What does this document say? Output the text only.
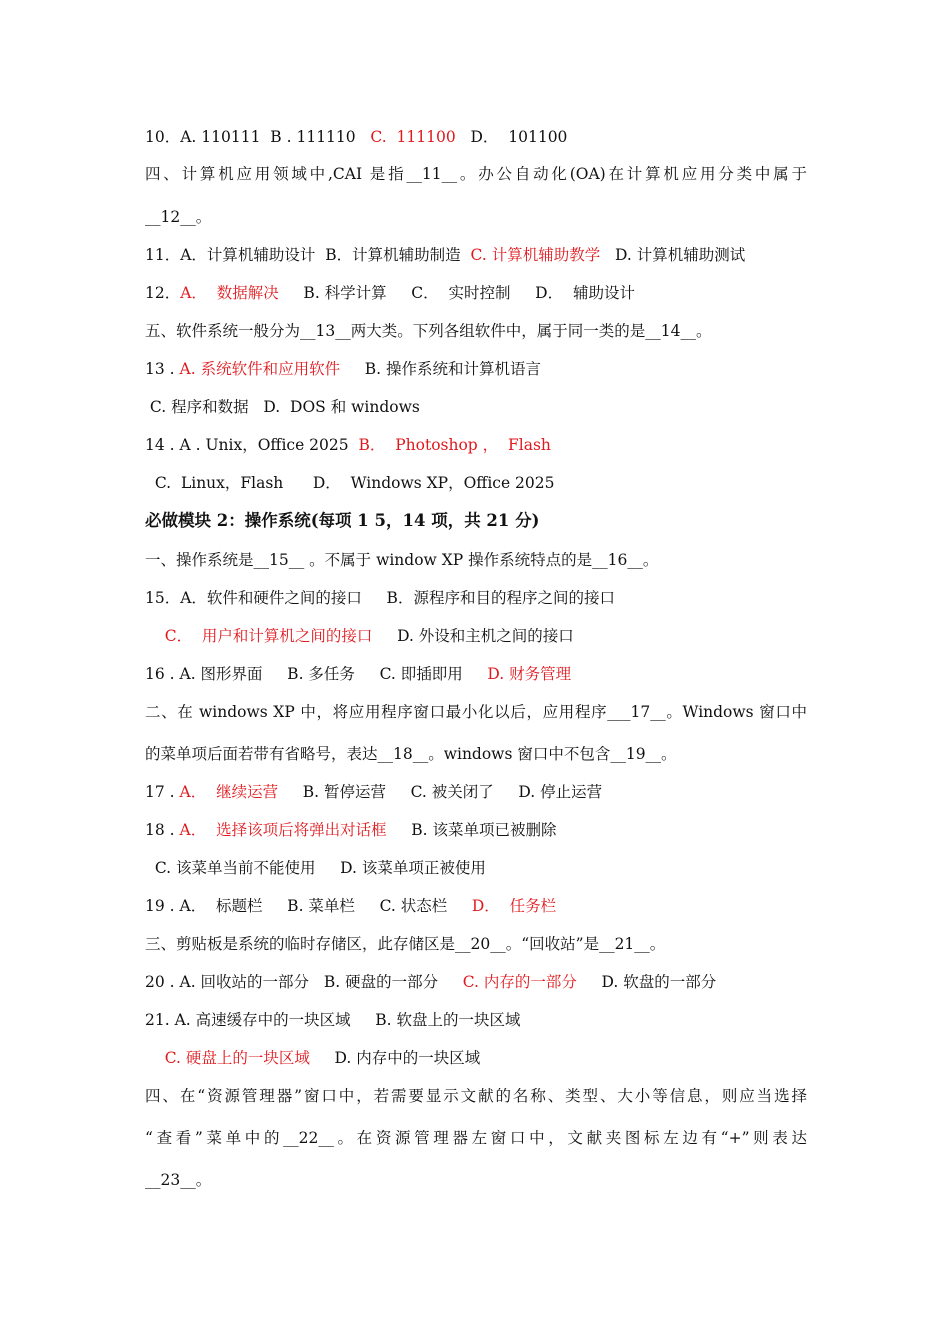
10．A. 110111  B . 111110   C.  111100   D．  101100
四、计算机应用领域中,CAI 是指__11__。办公自动化(OA)在计算机应用分类中属于
__12__。
11．A．计算机辅助设计  B．计算机辅助制造  C. 计算机辅助教学   D. 计算机辅助测试
12．A．  数据解决     B. 科学计算     C．  实时控制     D．  辅助设计
五、软件系统一般分为__13__两大类。下列各组软件中，属于同一类的是__14__。
13 . A. 系统软件和应用软件     B. 操作系统和计算机语言
C. 程序和数据   D.  DOS 和 windows
14 . A . Unix，Office 2025  B．  Photoshop ，  Flash
C.  Linux，Flash      D．  Windows XP，Office 2025
必做模块 2：操作系统(每项 1 5，14 项，共 21 分)
一、操作系统是__15__ 。不属于 window XP 操作系统特点的是__16__。
15．A．软件和硬件之间的接口     B．源程序和目的程序之间的接口
C．  用户和计算机之间的接口     D. 外设和主机之间的接口
16 . A. 图形界面     B. 多任务     C. 即插即用     D. 财务管理
二、在 windows XP 中，将应用程序窗口最小化以后，应用程序___17__。Windows 窗口中
的菜单项后面若带有省略号，表达__18__。windows 窗口中不包含__19__。
17 . A．  继续运营     B. 暂停运营     C. 被关闭了     D. 停止运营
18 . A．  选择该项后将弹出对话框     B. 该菜单项已被删除
C. 该菜单当前不能使用     D. 该菜单项正被使用
19 . A．  标题栏     B. 菜单栏     C. 状态栏     D．  任务栏
三、剪贴板是系统的临时存储区，此存储区是__20__。“回收站”是__21__。
20 . A. 回收站的一部分   B. 硬盘的一部分     C. 内存的一部分     D. 软盘的一部分
21. A. 高速缓存中的一块区域     B. 软盘上的一块区域
C. 硬盘上的一块区域     D. 内存中的一块区域
四、在“资源管理器”窗口中，若需要显示文献的名称、类型、大小等信息，则应当选择
“查看”菜单中的__22__。在资源管理器左窗口中，文献夹图标左边有“+”则表达
__23__。
